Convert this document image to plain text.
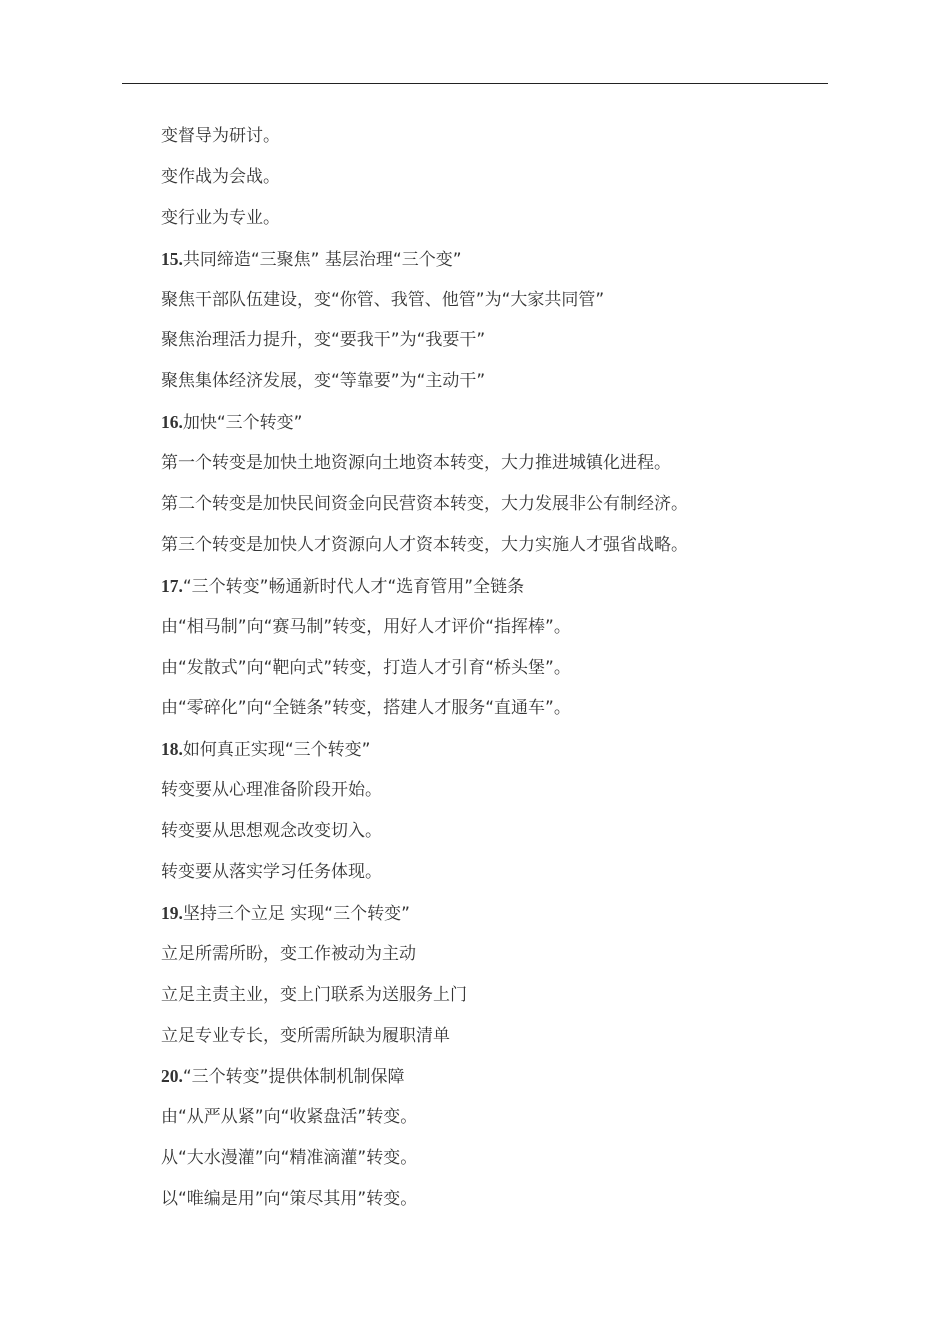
变督导为研讨。
变作战为会战。
变行业为专业。
15.共同缔造“三聚焦” 基层治理“三个变”
聚焦干部队伍建设，变“你管、我管、他管”为“大家共同管”
聚焦治理活力提升，变“要我干”为“我要干”
聚焦集体经济发展，变“等靠要”为“主动干”
16.加快“三个转变”
第一个转变是加快土地资源向土地资本转变，大力推进城镇化进程。
第二个转变是加快民间资金向民营资本转变，大力发展非公有制经济。
第三个转变是加快人才资源向人才资本转变，大力实施人才强省战略。
17.“三个转变”畅通新时代人才“选育管用”全链条
由“相马制”向“赛马制”转变，用好人才评价“指挥棒”。
由“发散式”向“靶向式”转变，打造人才引育“桥头堡”。
由“零碎化”向“全链条”转变，搭建人才服务“直通车”。
18.如何真正实现“三个转变”
转变要从心理准备阶段开始。
转变要从思想观念改变切入。
转变要从落实学习任务体现。
19.坚持三个立足 实现“三个转变”
立足所需所盼，变工作被动为主动
立足主责主业，变上门联系为送服务上门
立足专业专长，变所需所缺为履职清单
20.“三个转变”提供体制机制保障
由“从严从紧”向“收紧盘活”转变。
从“大水漫灌”向“精准滴灌”转变。
以“唯编是用”向“策尽其用”转变。
